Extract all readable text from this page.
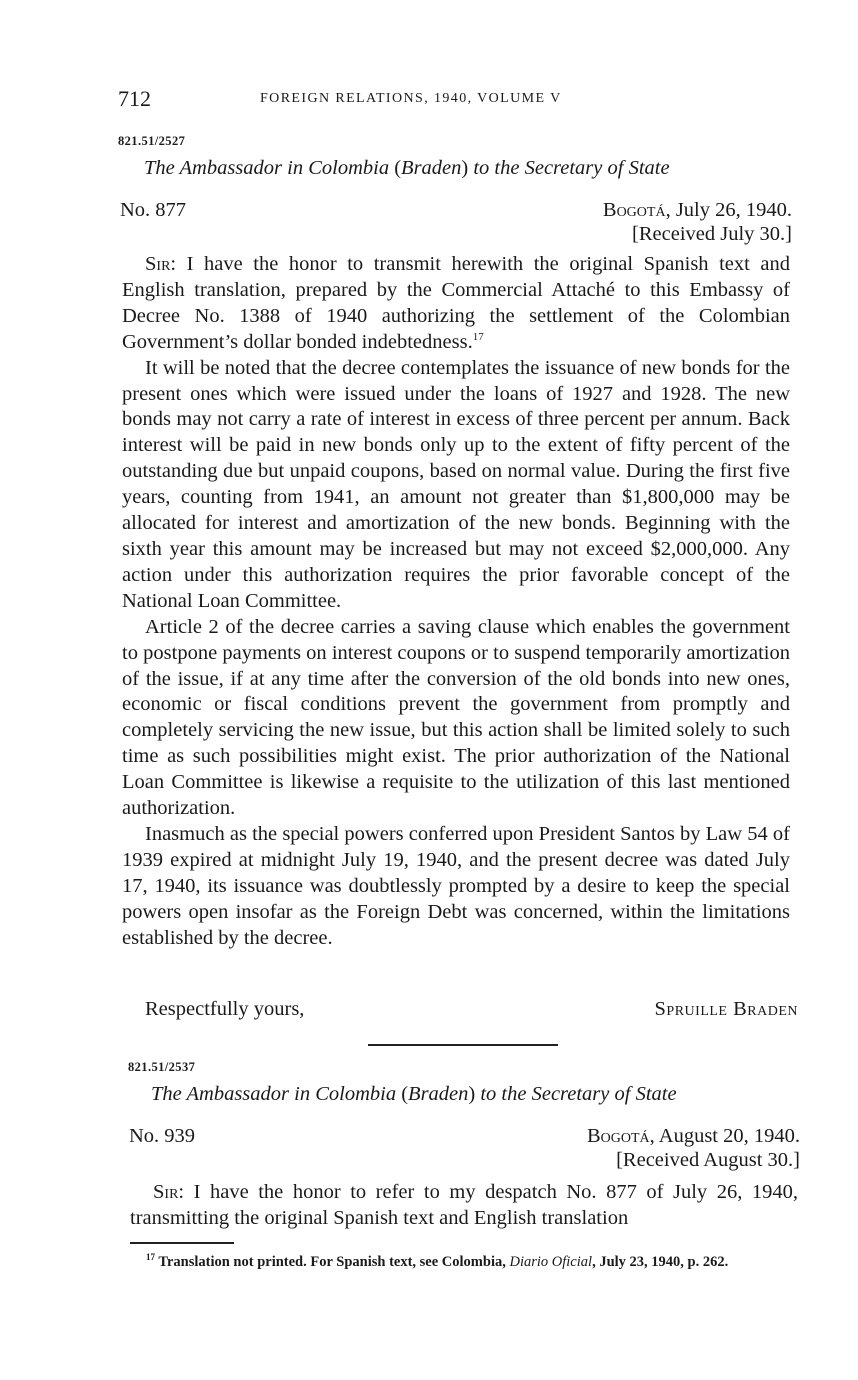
712	FOREIGN RELATIONS, 1940, VOLUME V
821.51/2527
The Ambassador in Colombia (Braden) to the Secretary of State
No. 877	Bogotá, July 26, 1940.
[Received July 30.]

Sir: I have the honor to transmit herewith the original Spanish text and English translation, prepared by the Commercial Attaché to this Embassy of Decree No. 1388 of 1940 authorizing the settlement of the Colombian Government’s dollar bonded indebtedness.$^{17}$

It will be noted that the decree contemplates the issuance of new bonds for the present ones which were issued under the loans of 1927 and 1928. The new bonds may not carry a rate of interest in excess of three percent per annum. Back interest will be paid in new bonds only up to the extent of fifty percent of the outstanding due but unpaid coupons, based on normal value. During the first five years, counting from 1941, an amount not greater than $1,800,000 may be allocated for interest and amortization of the new bonds. Beginning with the sixth year this amount may be increased but may not exceed $2,000,000. Any action under this authorization requires the prior favorable concept of the National Loan Committee.

Article 2 of the decree carries a saving clause which enables the government to postpone payments on interest coupons or to suspend temporarily amortization of the issue, if at any time after the conversion of the old bonds into new ones, economic or fiscal conditions prevent the government from promptly and completely servicing the new issue, but this action shall be limited solely to such time as such possibilities might exist. The prior authorization of the National Loan Committee is likewise a requisite to the utilization of this last mentioned authorization.

Inasmuch as the special powers conferred upon President Santos by Law 54 of 1939 expired at midnight July 19, 1940, and the present decree was dated July 17, 1940, its issuance was doubtlessly prompted by a desire to keep the special powers open insofar as the Foreign Debt was concerned, within the limitations established by the decree.

Respectfully yours,	Spruille Braden
821.51/2537
The Ambassador in Colombia (Braden) to the Secretary of State
No. 939	Bogotá, August 20, 1940.
[Received August 30.]

Sir: I have the honor to refer to my despatch No. 877 of July 26, 1940, transmitting the original Spanish text and English translation

$^{17}$ Translation not printed. For Spanish text, see Colombia, Diario Oficial, July 23, 1940, p. 262.
